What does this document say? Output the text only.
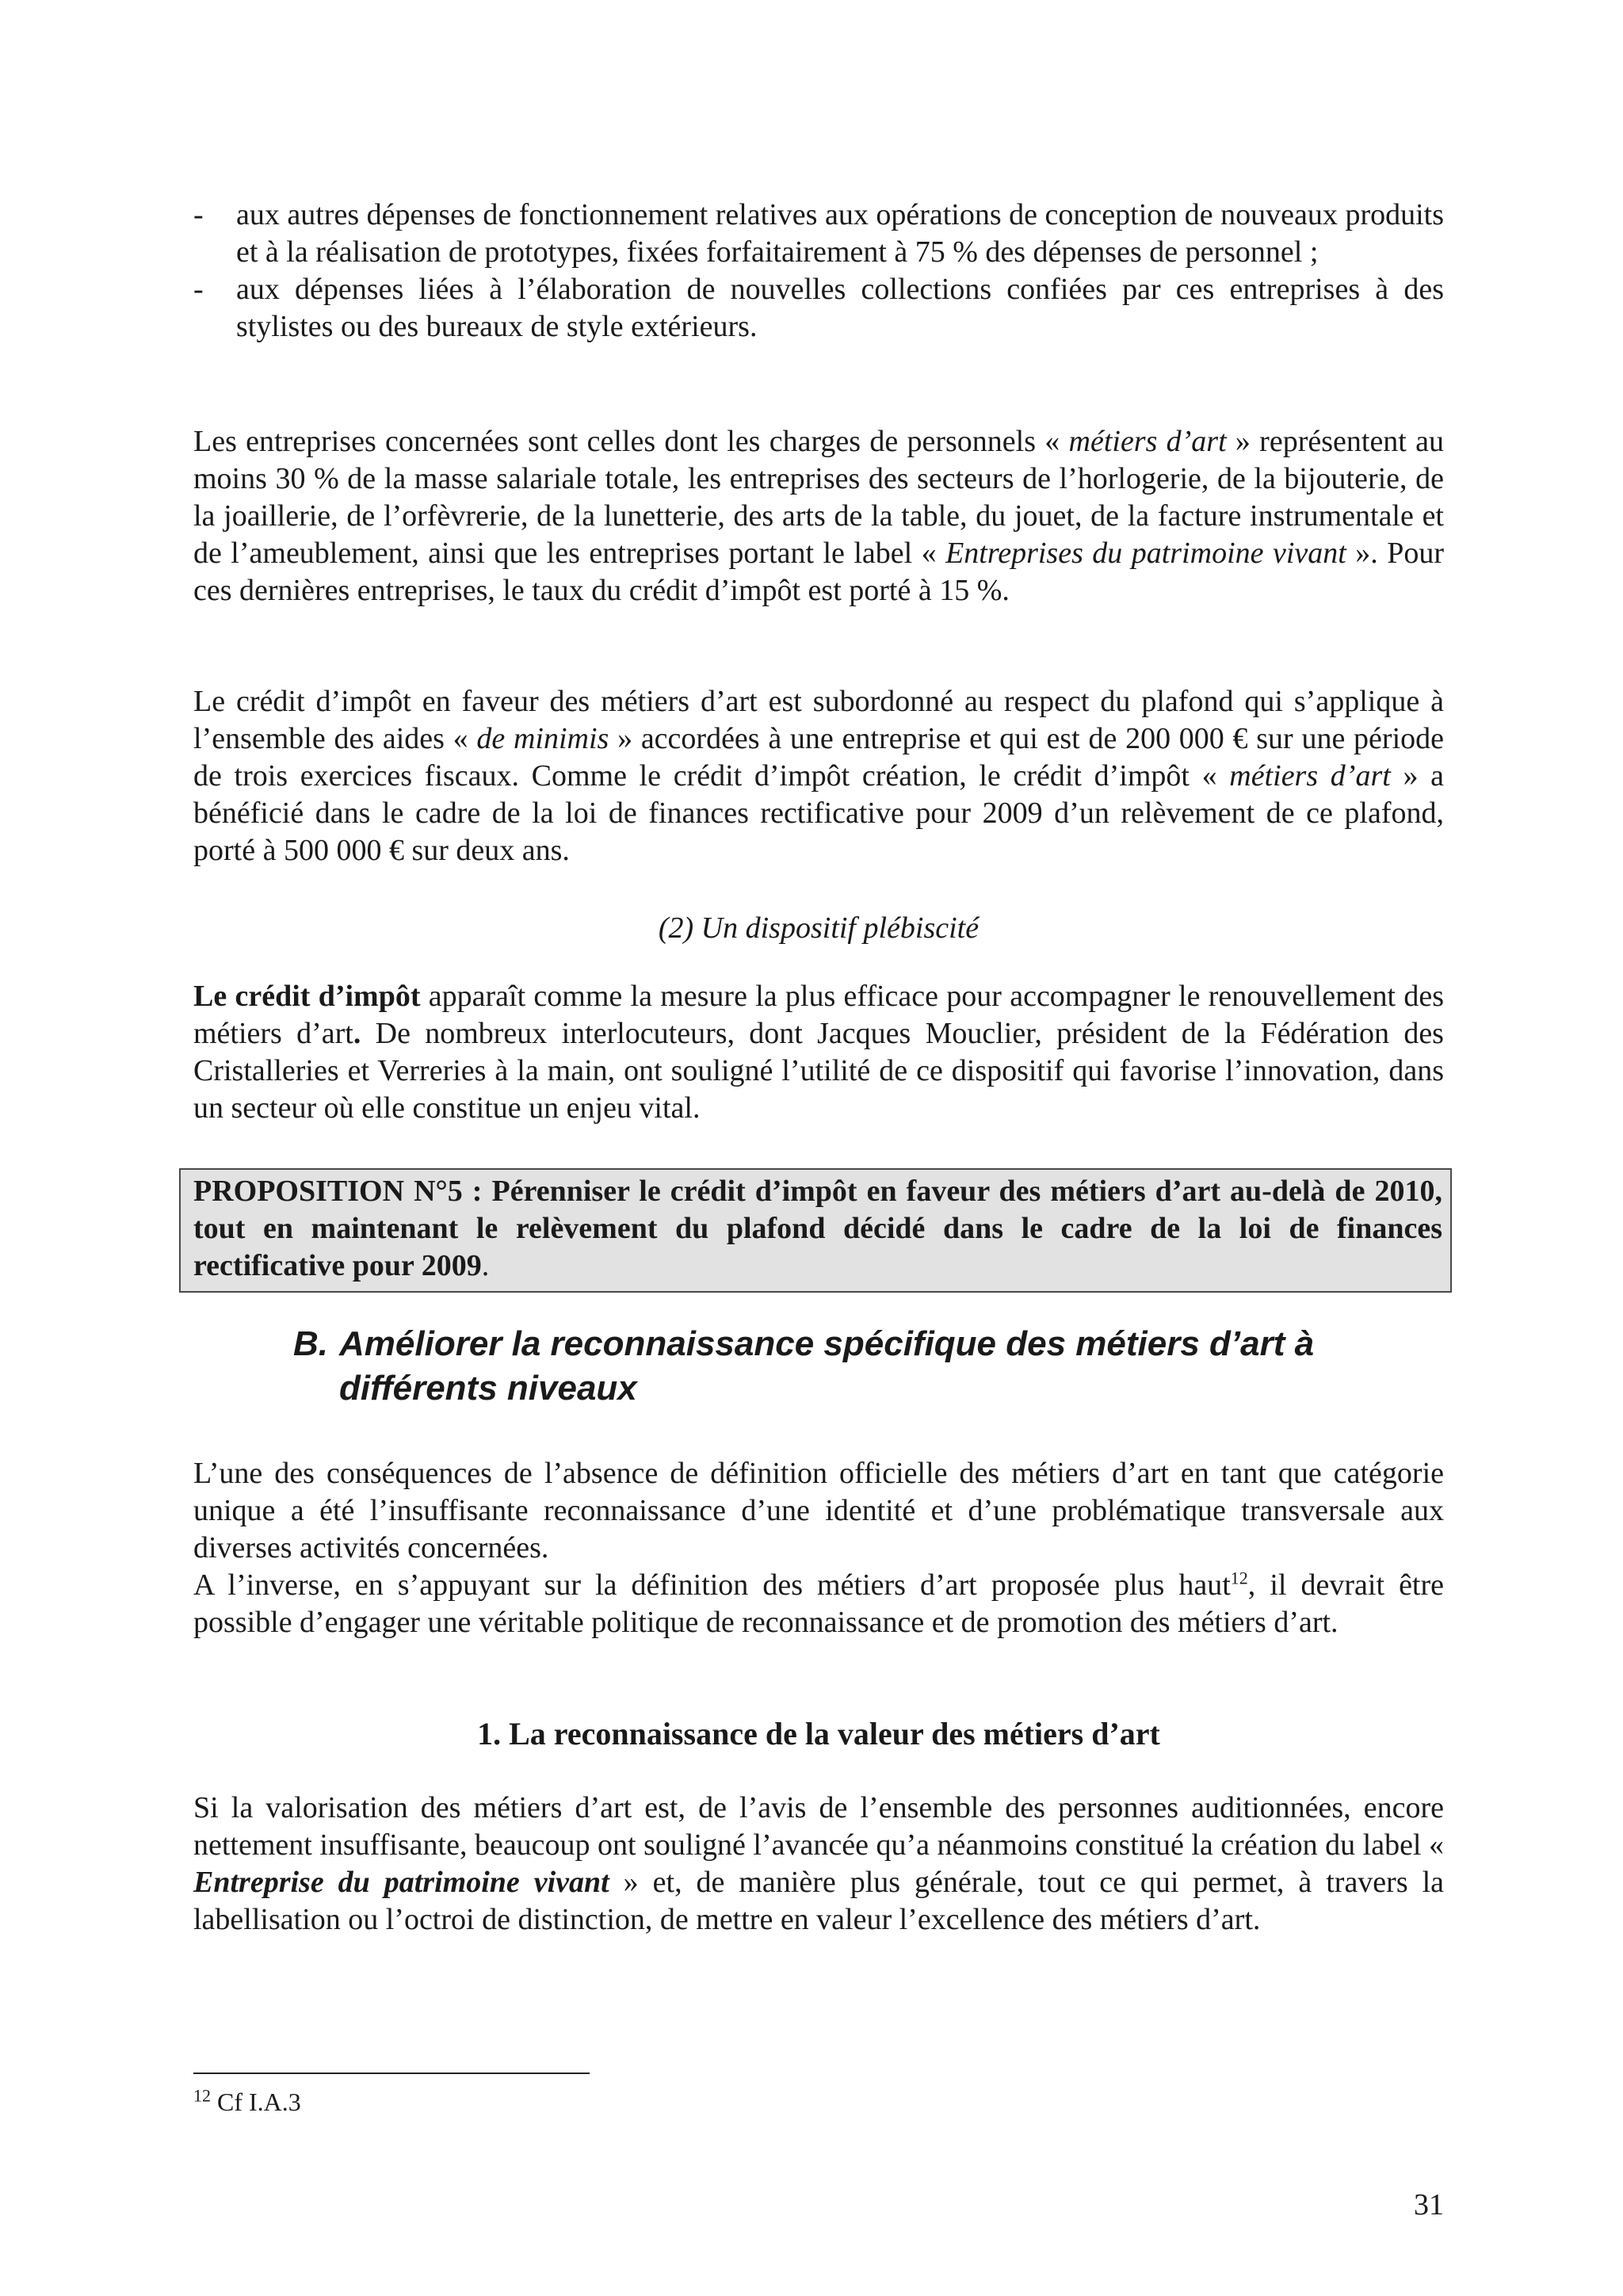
- aux autres dépenses de fonctionnement relatives aux opérations de conception de nouveaux produits et à la réalisation de prototypes, fixées forfaitairement à 75 % des dépenses de personnel ;
- aux dépenses liées à l’élaboration de nouvelles collections confiées par ces entreprises à des stylistes ou des bureaux de style extérieurs.

Les entreprises concernées sont celles dont les charges de personnels « métiers d’art » représentent au moins 30 % de la masse salariale totale, les entreprises des secteurs de l’horlogerie, de la bijouterie, de la joaillerie, de l’orfèvrerie, de la lunetterie, des arts de la table, du jouet, de la facture instrumentale et de l’ameublement, ainsi que les entreprises portant le label « Entreprises du patrimoine vivant ». Pour ces dernières entreprises, le taux du crédit d’impôt est porté à 15 %.

Le crédit d’impôt en faveur des métiers d’art est subordonné au respect du plafond qui s’applique à l’ensemble des aides « de minimis » accordées à une entreprise et qui est de 200 000 € sur une période de trois exercices fiscaux. Comme le crédit d’impôt création, le crédit d’impôt « métiers d’art » a bénéficié dans le cadre de la loi de finances rectificative pour 2009 d’un relèvement de ce plafond, porté à 500 000 € sur deux ans.

(2) Un dispositif plébiscité

Le crédit d’impôt apparaît comme la mesure la plus efficace pour accompagner le renouvellement des métiers d’art. De nombreux interlocuteurs, dont Jacques Mouclier, président de la Fédération des Cristalleries et Verreries à la main, ont souligné l’utilité de ce dispositif qui favorise l’innovation, dans un secteur où elle constitue un enjeu vital.

PROPOSITION N°5 : Pérenniser le crédit d’impôt en faveur des métiers d’art au-delà de 2010, tout en maintenant le relèvement du plafond décidé dans le cadre de la loi de finances rectificative pour 2009.

B. Améliorer la reconnaissance spécifique des métiers d’art à différents niveaux

L’une des conséquences de l’absence de définition officielle des métiers d’art en tant que catégorie unique a été l’insuffisante reconnaissance d’une identité et d’une problématique transversale aux diverses activités concernées.

A l’inverse, en s’appuyant sur la définition des métiers d’art proposée plus haut$^{12}$, il devrait être possible d’engager une véritable politique de reconnaissance et de promotion des métiers d’art.

1. La reconnaissance de la valeur des métiers d’art

Si la valorisation des métiers d’art est, de l’avis de l’ensemble des personnes auditionnées, encore nettement insuffisante, beaucoup ont souligné l’avancée qu’a néanmoins constitué la création du label « Entreprise du patrimoine vivant » et, de manière plus générale, tout ce qui permet, à travers la labellisation ou l’octroi de distinction, de mettre en valeur l’excellence des métiers d’art.

$^{12}$ Cf I.A.3
31
